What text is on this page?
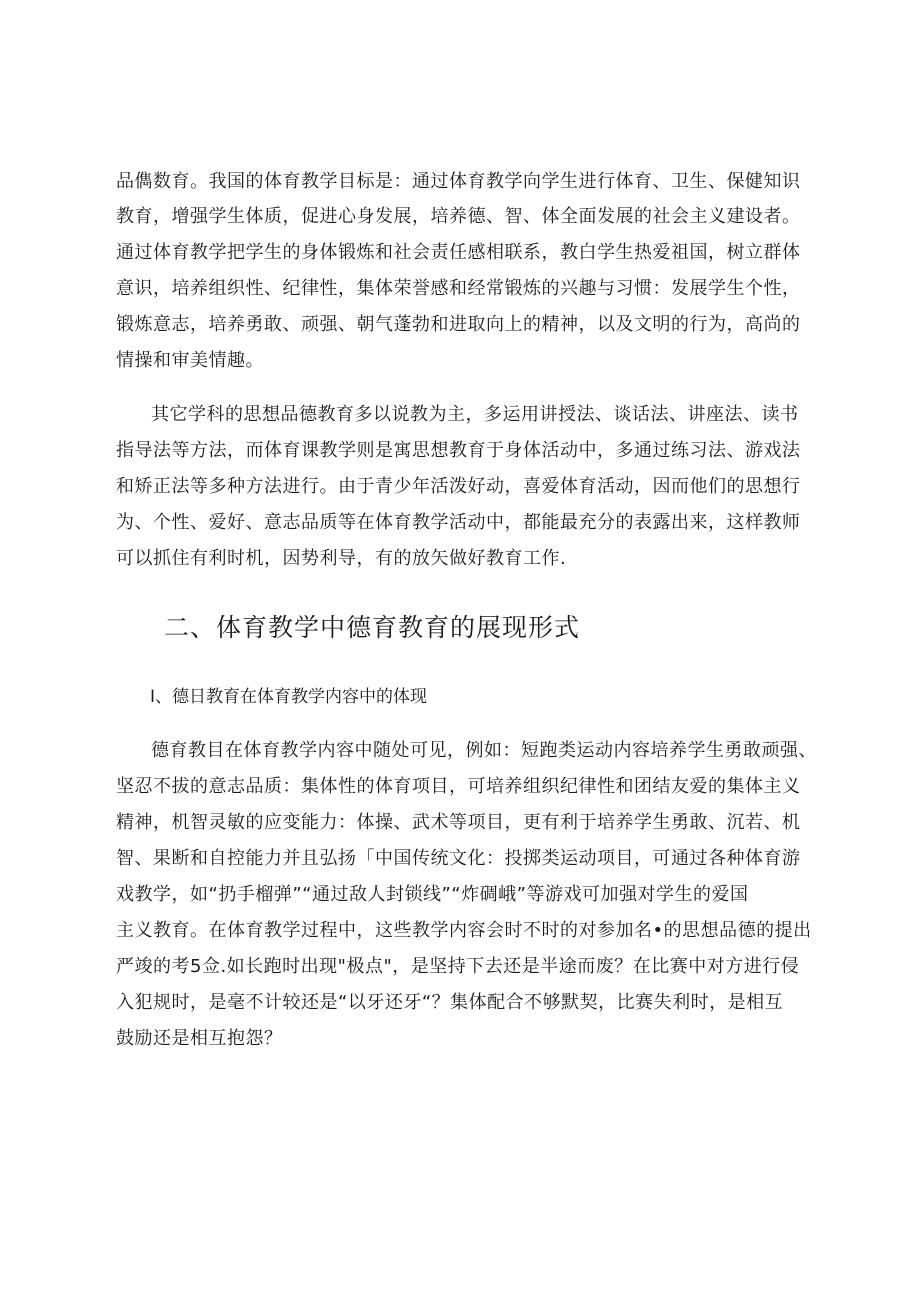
品儁数育。我国的体育教学目标是：通过体育教学向学生进行体育、卫生、保健知识
教育，增强学生体质，促进心身发展，培养德、智、体全面发展的社会主义建设者。
通过体育教学把学生的身体锻炼和社会责任感相联系，教白学生热爱祖国，树立群体
意识，培养组织性、纪律性，集体荣誉感和经常锻炼的兴趣与习惯：发展学生个性，
锻炼意志，培养勇敢、顽强、朝气蓬勃和进取向上的精神，以及文明的行为，高尚的
情操和审美情趣。
其它学科的思想品德教育多以说教为主，多运用讲授法、谈话法、讲座法、读书
指导法等方法，而体育课教学则是寓思想教育于身体活动中，多通过练习法、游戏法
和矫正法等多种方法进行。由于青少年活泼好动，喜爱体育活动，因而他们的思想行
为、个性、爱好、意志品质等在体育教学活动中，都能最充分的表露出来，这样教师
可以抓住有利时机，因势利导，有的放矢做好教育工作.
二、体育教学中德育教育的展现形式
I、德日教育在体育教学内容中的体现
德育教目在体育教学内容中随处可见，例如：短跑类运动内容培养学生勇敢顽强、
坚忍不拔的意志品质：集体性的体育项目，可培养组织纪律性和团结友爱的集体主义
精神，机智灵敏的应变能力：体操、武术等项目，更有利于培养学生勇敢、沉若、机
智、果断和自控能力并且弘扬「中国传统文化：投掷类运动项目，可通过各种体育游
戏教学，如“扔手榴弹”“通过敌人封锁线”“炸碉峨”等游戏可加强对学生的爱国
主义教育。在体育教学过程中，这些教学内容会时不时的对参加名•的思想品德的提出
严竣的考5佥.如长跑时出现"极点"，是坚持下去还是半途而废？在比赛中对方进行侵
入犯规时，是毫不计较还是“以牙还牙“？集体配合不够默契，比赛失利时，是相互
鼓励还是相互抱怨？
